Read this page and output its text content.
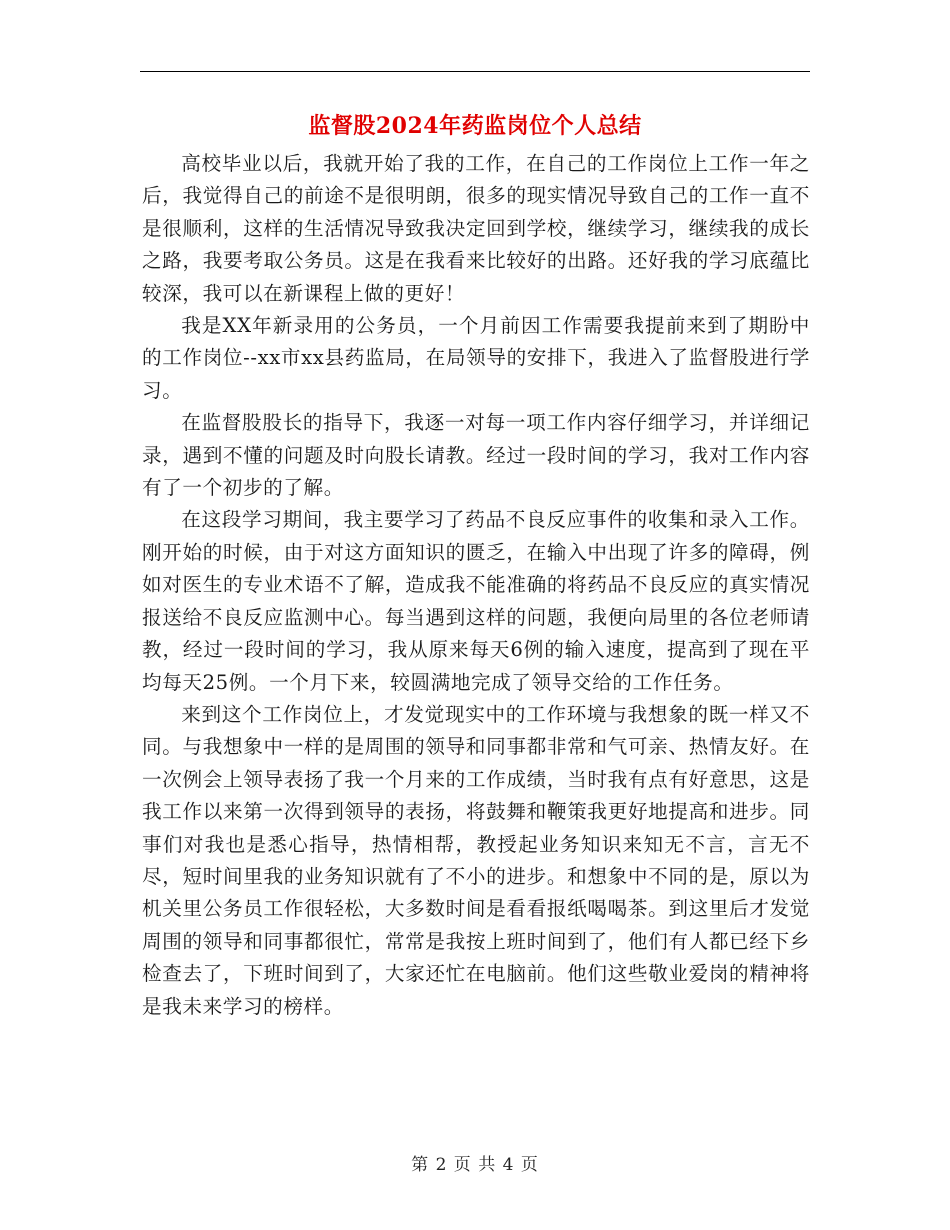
监督股2024年药监岗位个人总结

高校毕业以后，我就开始了我的工作，在自己的工作岗位上工作一年之后，我觉得自己的前途不是很明朗，很多的现实情况导致自己的工作一直不是很顺利，这样的生活情况导致我决定回到学校，继续学习，继续我的成长之路，我要考取公务员。这是在我看来比较好的出路。还好我的学习底蕴比较深，我可以在新课程上做的更好！

我是XX年新录用的公务员，一个月前因工作需要我提前来到了期盼中的工作岗位--xx市xx县药监局，在局领导的安排下，我进入了监督股进行学习。

在监督股股长的指导下，我逐一对每一项工作内容仔细学习，并详细记录，遇到不懂的问题及时向股长请教。经过一段时间的学习，我对工作内容有了一个初步的了解。

在这段学习期间，我主要学习了药品不良反应事件的收集和录入工作。刚开始的时候，由于对这方面知识的匮乏，在输入中出现了许多的障碍，例如对医生的专业术语不了解，造成我不能准确的将药品不良反应的真实情况报送给不良反应监测中心。每当遇到这样的问题，我便向局里的各位老师请教，经过一段时间的学习，我从原来每天6例的输入速度，提高到了现在平均每天25例。一个月下来，较圆满地完成了领导交给的工作任务。

来到这个工作岗位上，才发觉现实中的工作环境与我想象的既一样又不同。与我想象中一样的是周围的领导和同事都非常和气可亲、热情友好。在一次例会上领导表扬了我一个月来的工作成绩，当时我有点有好意思，这是我工作以来第一次得到领导的表扬，将鼓舞和鞭策我更好地提高和进步。同事们对我也是悉心指导，热情相帮，教授起业务知识来知无不言，言无不尽，短时间里我的业务知识就有了不小的进步。和想象中不同的是，原以为机关里公务员工作很轻松，大多数时间是看看报纸喝喝茶。到这里后才发觉周围的领导和同事都很忙，常常是我按上班时间到了，他们有人都已经下乡检查去了，下班时间到了，大家还忙在电脑前。他们这些敬业爱岗的精神将是我未来学习的榜样。

第 2 页 共 4 页
